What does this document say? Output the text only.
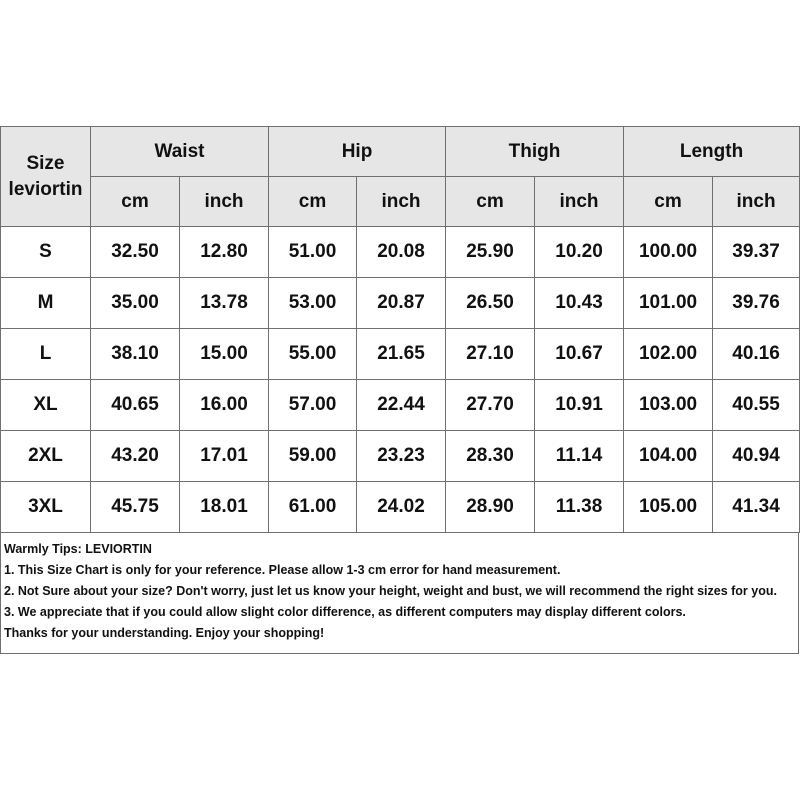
Size
leviortin	Waist		Hip		Thigh		Length	
	cm	inch	cm	inch	cm	inch	cm	inch
S	32.50	12.80	51.00	20.08	25.90	10.20	100.00	39.37
M	35.00	13.78	53.00	20.87	26.50	10.43	101.00	39.76
L	38.10	15.00	55.00	21.65	27.10	10.67	102.00	40.16
XL	40.65	16.00	57.00	22.44	27.70	10.91	103.00	40.55
2XL	43.20	17.01	59.00	23.23	28.30	11.14	104.00	40.94
3XL	45.75	18.01	61.00	24.02	28.90	11.38	105.00	41.34
Warmly Tips: LEVIORTIN
1. This Size Chart is only for your reference. Please allow 1-3 cm error for hand measurement.
2. Not Sure about your size? Don't worry, just let us know your height, weight and bust, we will recommend the right sizes for you.
3. We appreciate that if you could allow slight color difference, as different computers may display different colors.
Thanks for your understanding. Enjoy your shopping!
